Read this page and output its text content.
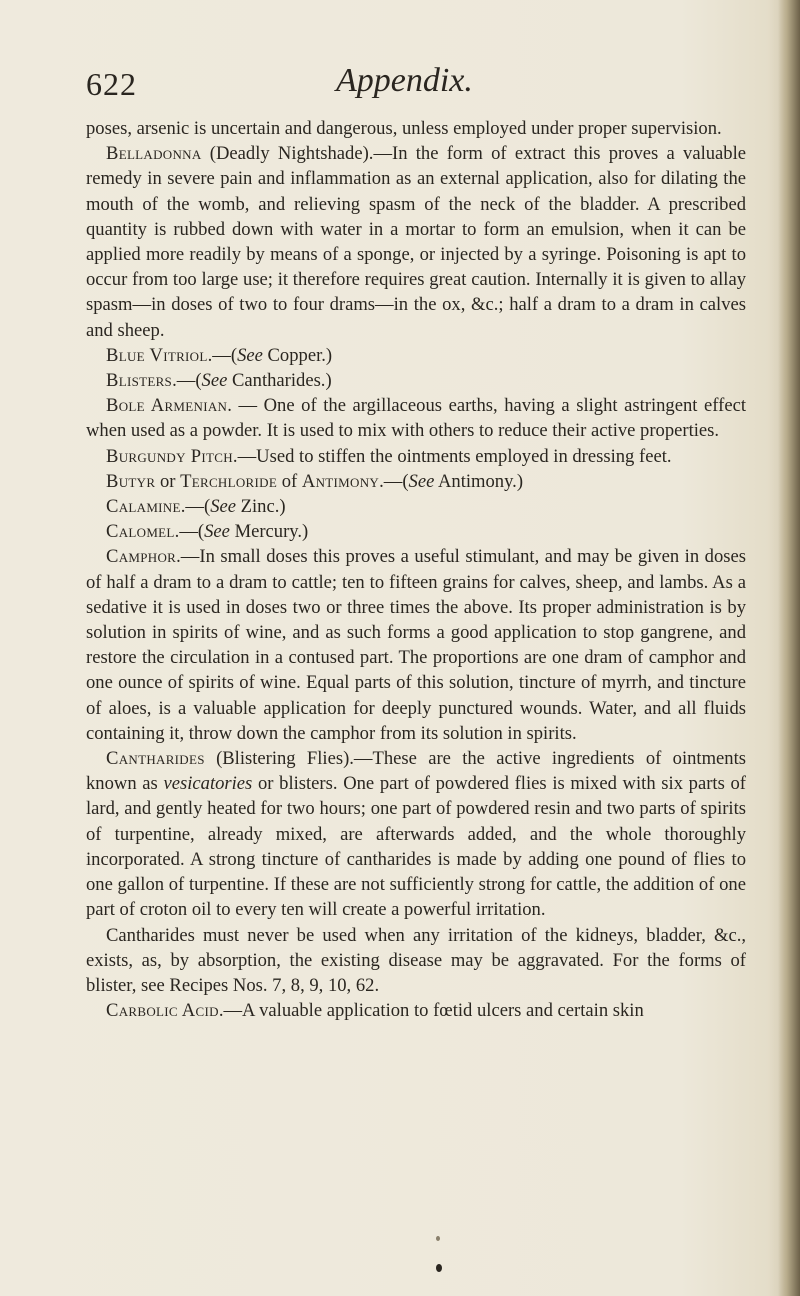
622	Appendix.

poses, arsenic is uncertain and dangerous, unless employed under proper supervision.

Belladonna (Deadly Nightshade).—In the form of extract this proves a valuable remedy in severe pain and inflammation as an external application, also for dilating the mouth of the womb, and relieving spasm of the neck of the bladder. A prescribed quantity is rubbed down with water in a mortar to form an emulsion, when it can be applied more readily by means of a sponge, or injected by a syringe. Poisoning is apt to occur from too large use; it therefore requires great caution. Internally it is given to allay spasm—in doses of two to four drams—in the ox, &c.; half a dram to a dram in calves and sheep.

Blue Vitriol.—(See Copper.)

Blisters.—(See Cantharides.)

Bole Armenian. — One of the argillaceous earths, having a slight astringent effect when used as a powder. It is used to mix with others to reduce their active properties.

Burgundy Pitch.—Used to stiffen the ointments employed in dressing feet.

Butyr or Terchloride of Antimony.—(See Antimony.)

Calamine.—(See Zinc.)

Calomel.—(See Mercury.)

Camphor.—In small doses this proves a useful stimulant, and may be given in doses of half a dram to a dram to cattle; ten to fifteen grains for calves, sheep, and lambs. As a sedative it is used in doses two or three times the above. Its proper administration is by solution in spirits of wine, and as such forms a good application to stop gangrene, and restore the circulation in a contused part. The proportions are one dram of camphor and one ounce of spirits of wine. Equal parts of this solution, tincture of myrrh, and tincture of aloes, is a valuable application for deeply punctured wounds. Water, and all fluids containing it, throw down the camphor from its solution in spirits.

Cantharides (Blistering Flies).—These are the active ingredients of ointments known as vesicatories or blisters. One part of powdered flies is mixed with six parts of lard, and gently heated for two hours; one part of powdered resin and two parts of spirits of turpentine, already mixed, are afterwards added, and the whole thoroughly incorporated. A strong tincture of cantharides is made by adding one pound of flies to one gallon of turpentine. If these are not sufficiently strong for cattle, the addition of one part of croton oil to every ten will create a powerful irritation.

Cantharides must never be used when any irritation of the kidneys, bladder, &c., exists, as, by absorption, the existing disease may be aggravated. For the forms of blister, see Recipes Nos. 7, 8, 9, 10, 62.

Carbolic Acid.—A valuable application to fœtid ulcers and certain skin
